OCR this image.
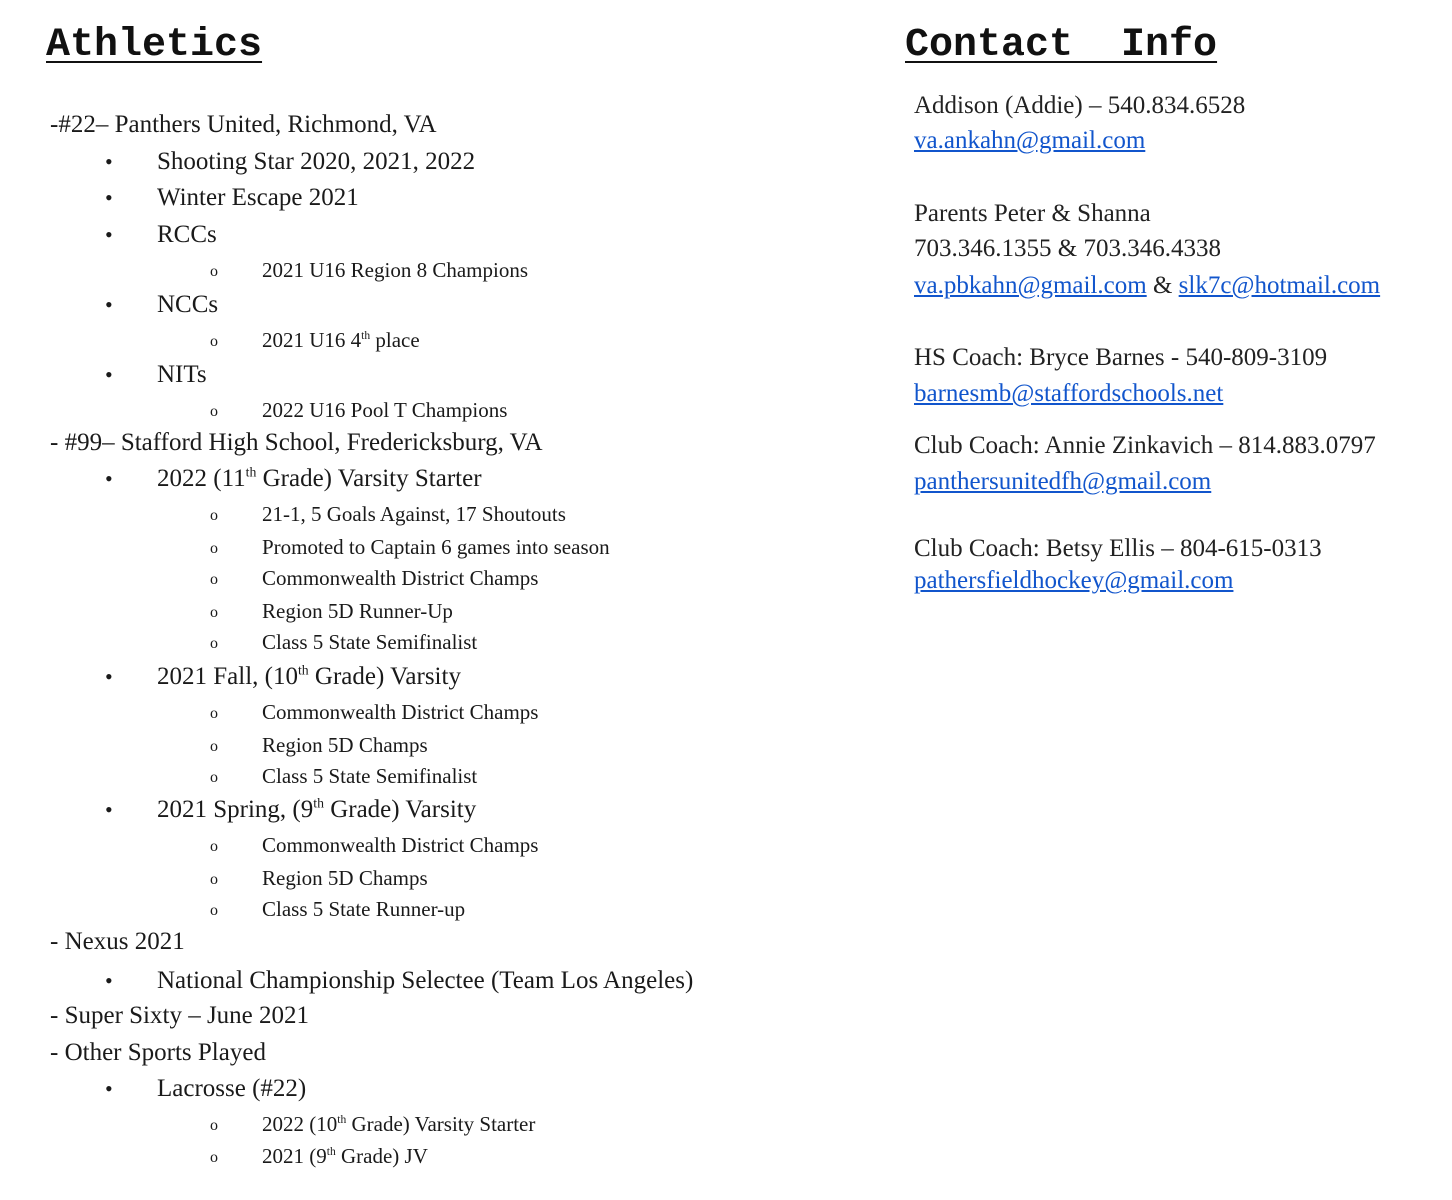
Athletics
-#22– Panthers United, Richmond, VA
• Shooting Star 2020, 2021, 2022
• Winter Escape 2021
• RCCs
o 2021 U16 Region 8 Champions
• NCCs
o 2021 U16 4th place
• NITs
o 2022 U16 Pool T Champions
- #99– Stafford High School, Fredericksburg, VA
• 2022 (11th Grade) Varsity Starter
o 21-1, 5 Goals Against, 17 Shoutouts
o Promoted to Captain 6 games into season
o Commonwealth District Champs
o Region 5D Runner-Up
o Class 5 State Semifinalist
• 2021 Fall, (10th Grade) Varsity
o Commonwealth District Champs
o Region 5D Champs
o Class 5 State Semifinalist
• 2021 Spring, (9th Grade) Varsity
o Commonwealth District Champs
o Region 5D Champs
o Class 5 State Runner-up
- Nexus 2021
• National Championship Selectee (Team Los Angeles)
- Super Sixty – June 2021
- Other Sports Played
• Lacrosse (#22)
o 2022 (10th Grade) Varsity Starter
o 2021 (9th Grade) JV
Contact  Info
Addison (Addie) – 540.834.6528
va.ankahn@gmail.com
Parents Peter & Shanna
703.346.1355 & 703.346.4338
va.pbkahn@gmail.com & slk7c@hotmail.com
HS Coach: Bryce Barnes - 540-809-3109
barnesmb@staffordschools.net
Club Coach: Annie Zinkavich – 814.883.0797
panthersunitedfh@gmail.com
Club Coach: Betsy Ellis – 804-615-0313
pathersfieldhockey@gmail.com
